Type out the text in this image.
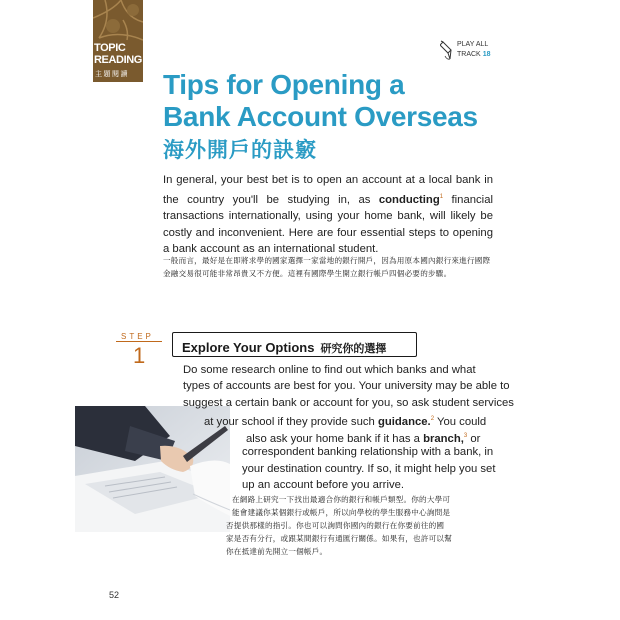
TOPIC
READING
主題閱讀
PLAY ALL
TRACK 18
Tips for Opening a
Bank Account Overseas
海外開戶的訣竅

In general, your best bet is to open an account at a local bank in the country you'll be studying in, as conducting$^1$ financial transactions internationally, using your home bank, will likely be costly and inconvenient. Here are four essential steps to opening a bank account as an international student.

一般而言，最好是在即將求學的國家選擇一家當地的銀行開戶，因為用原本國內銀行來進行國際金融交易很可能非常昂貴又不方便。這裡有國際學生開立銀行帳戶四個必要的步驟。

STEP
1	Explore Your Options 研究你的選擇
Do some research online to find out which banks and what
types of accounts are best for you. Your university may be able to
suggest a certain bank or account for you, so ask student services
at your school if they provide such guidance.$^2$ You could
also ask your home bank if it has a branch,$^3$ or
correspondent banking relationship with a bank, in
your destination country. If so, it might help you set
up an account before you arrive.
在網路上研究一下找出最適合你的銀行和帳戶類型。你的大學可
能會建議你某個銀行或帳戶，所以向學校的學生服務中心詢問是
否提供那樣的指引。你也可以詢問你國內的銀行在你要前往的國
家是否有分行，或跟某間銀行有通匯行關係。如果有，也許可以幫
你在抵達前先開立一個帳戶。
52
